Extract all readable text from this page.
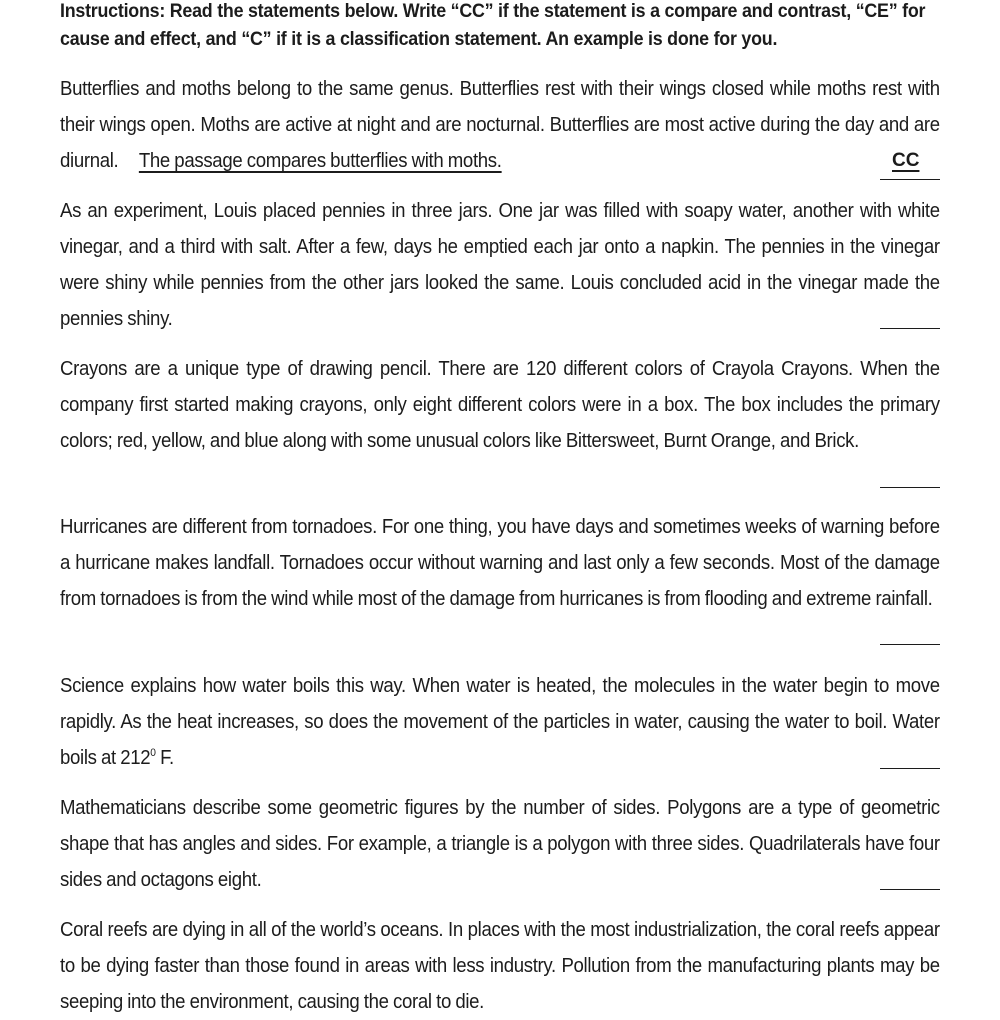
Instructions: Read the statements below. Write “CC” if the statement is a compare and contrast, “CE” for cause and effect, and “C” if it is a classification statement. An example is done for you.

Butterflies and moths belong to the same genus. Butterflies rest with their wings closed while moths rest with their wings open. Moths are active at night and are nocturnal. Butterflies are most active during the day and are diurnal. The passage compares butterflies with moths.	CC
As an experiment, Louis placed pennies in three jars. One jar was filled with soapy water, another with white vinegar, and a third with salt. After a few, days he emptied each jar onto a napkin. The pennies in the vinegar were shiny while pennies from the other jars looked the same. Louis concluded acid in the vinegar made the pennies shiny.
Crayons are a unique type of drawing pencil. There are 120 different colors of Crayola Crayons. When the company first started making crayons, only eight different colors were in a box. The box includes the primary colors; red, yellow, and blue along with some unusual colors like Bittersweet, Burnt Orange, and Brick.
Hurricanes are different from tornadoes. For one thing, you have days and sometimes weeks of warning before a hurricane makes landfall. Tornadoes occur without warning and last only a few seconds. Most of the damage from tornadoes is from the wind while most of the damage from hurricanes is from flooding and extreme rainfall.
Science explains how water boils this way. When water is heated, the molecules in the water begin to move rapidly. As the heat increases, so does the movement of the particles in water, causing the water to boil. Water boils at $212^0$ F.
Mathematicians describe some geometric figures by the number of sides. Polygons are a type of geometric shape that has angles and sides. For example, a triangle is a polygon with three sides. Quadrilaterals have four sides and octagons eight.
Coral reefs are dying in all of the world’s oceans. In places with the most industrialization, the coral reefs appear to be dying faster than those found in areas with less industry. Pollution from the manufacturing plants may be seeping into the environment, causing the coral to die.
